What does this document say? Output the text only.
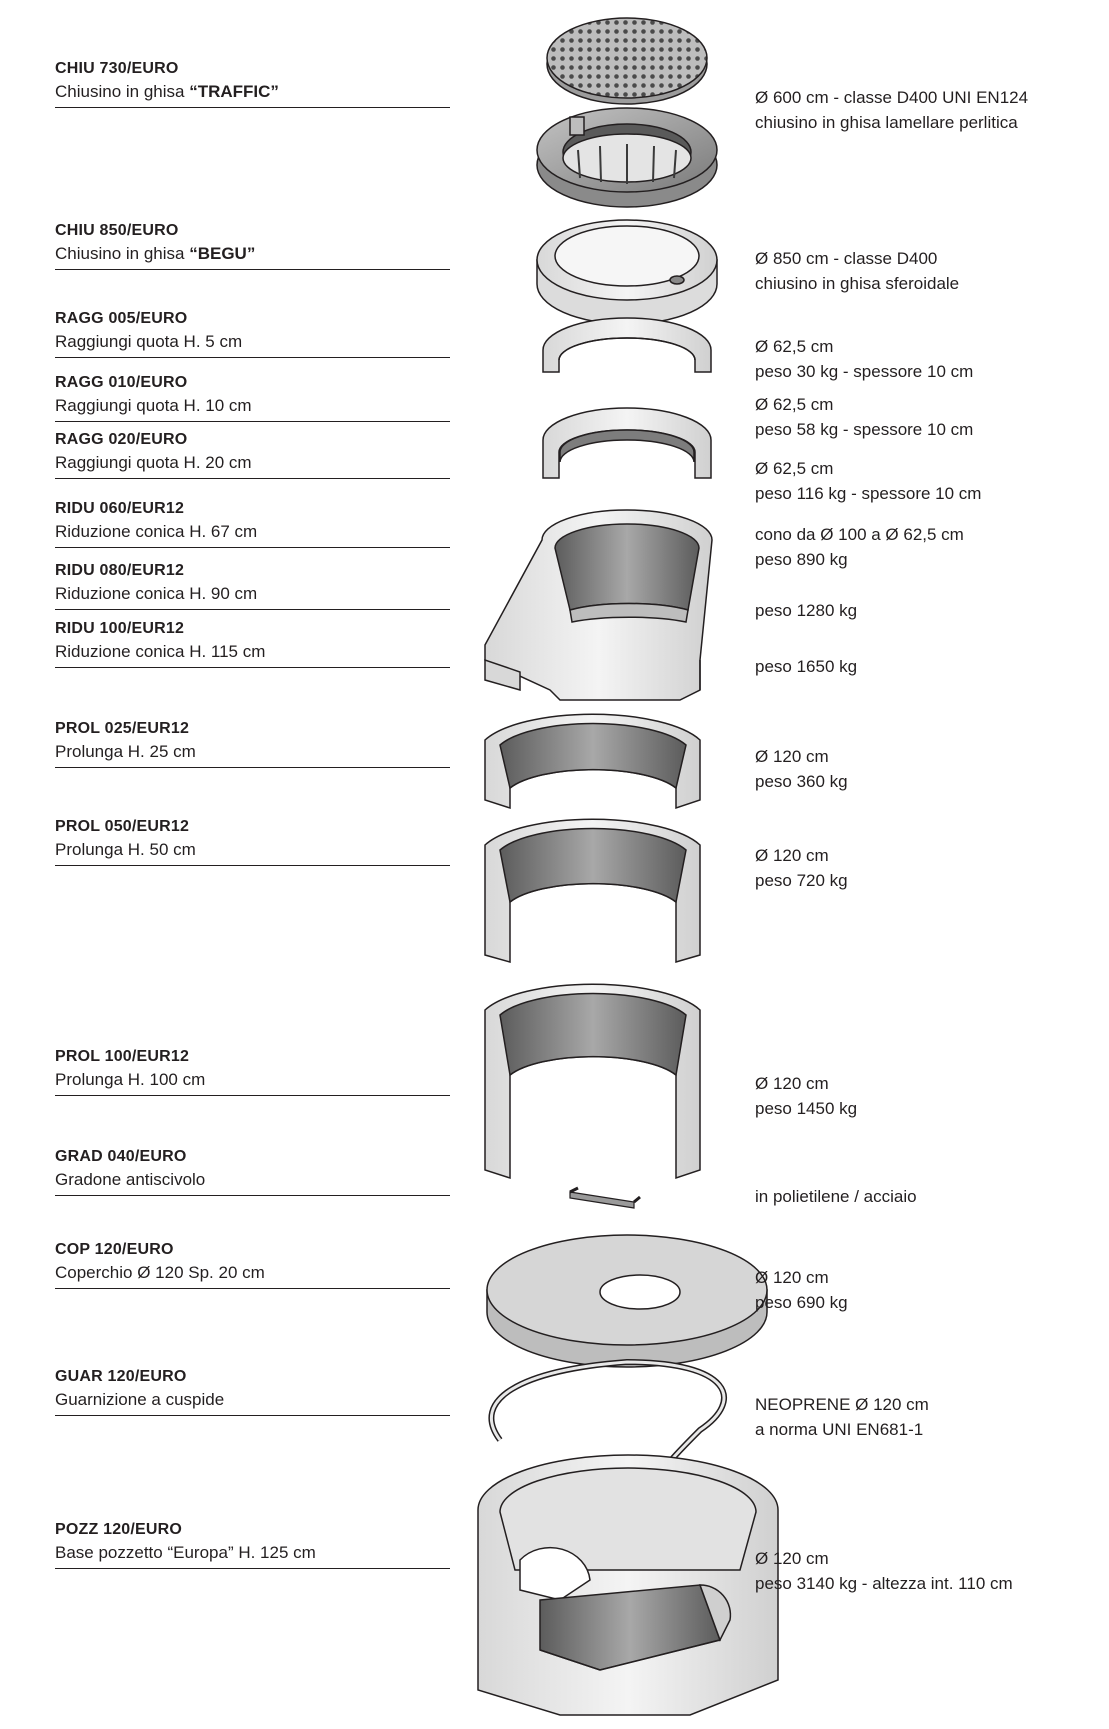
CHIU 730/EURO
Chiusino in ghisa “TRAFFIC”
CHIU 850/EURO
Chiusino in ghisa “BEGU”
RAGG 005/EURO
Raggiungi quota H. 5 cm
RAGG 010/EURO
Raggiungi quota H. 10 cm
RAGG 020/EURO
Raggiungi quota H. 20 cm
RIDU 060/EUR12
Riduzione conica H. 67 cm
RIDU 080/EUR12
Riduzione conica H. 90 cm
RIDU 100/EUR12
Riduzione conica H. 115 cm
PROL 025/EUR12
Prolunga H. 25 cm
PROL 050/EUR12
Prolunga H. 50 cm
PROL 100/EUR12
Prolunga H. 100 cm
GRAD 040/EURO
Gradone antiscivolo
COP 120/EURO
Coperchio Ø 120 Sp. 20 cm
GUAR 120/EURO
Guarnizione a cuspide
POZZ 120/EURO
Base pozzetto “Europa” H. 125 cm
Ø 600 cm - classe D400 UNI EN124
chiusino in ghisa lamellare perlitica
Ø 850 cm - classe D400
chiusino in ghisa sferoidale
Ø 62,5 cm
peso 30 kg - spessore 10 cm
Ø 62,5 cm
peso 58 kg - spessore 10 cm
Ø 62,5 cm
peso 116 kg - spessore 10 cm
cono da Ø 100 a Ø 62,5 cm
peso 890 kg
peso 1280 kg
peso 1650 kg
Ø 120 cm
peso 360 kg
Ø 120 cm
peso 720 kg
Ø 120 cm
peso 1450 kg
in polietilene / acciaio
Ø 120 cm
peso 690 kg
NEOPRENE Ø 120 cm
a norma UNI EN681-1
Ø 120 cm
peso 3140 kg - altezza int. 110 cm
